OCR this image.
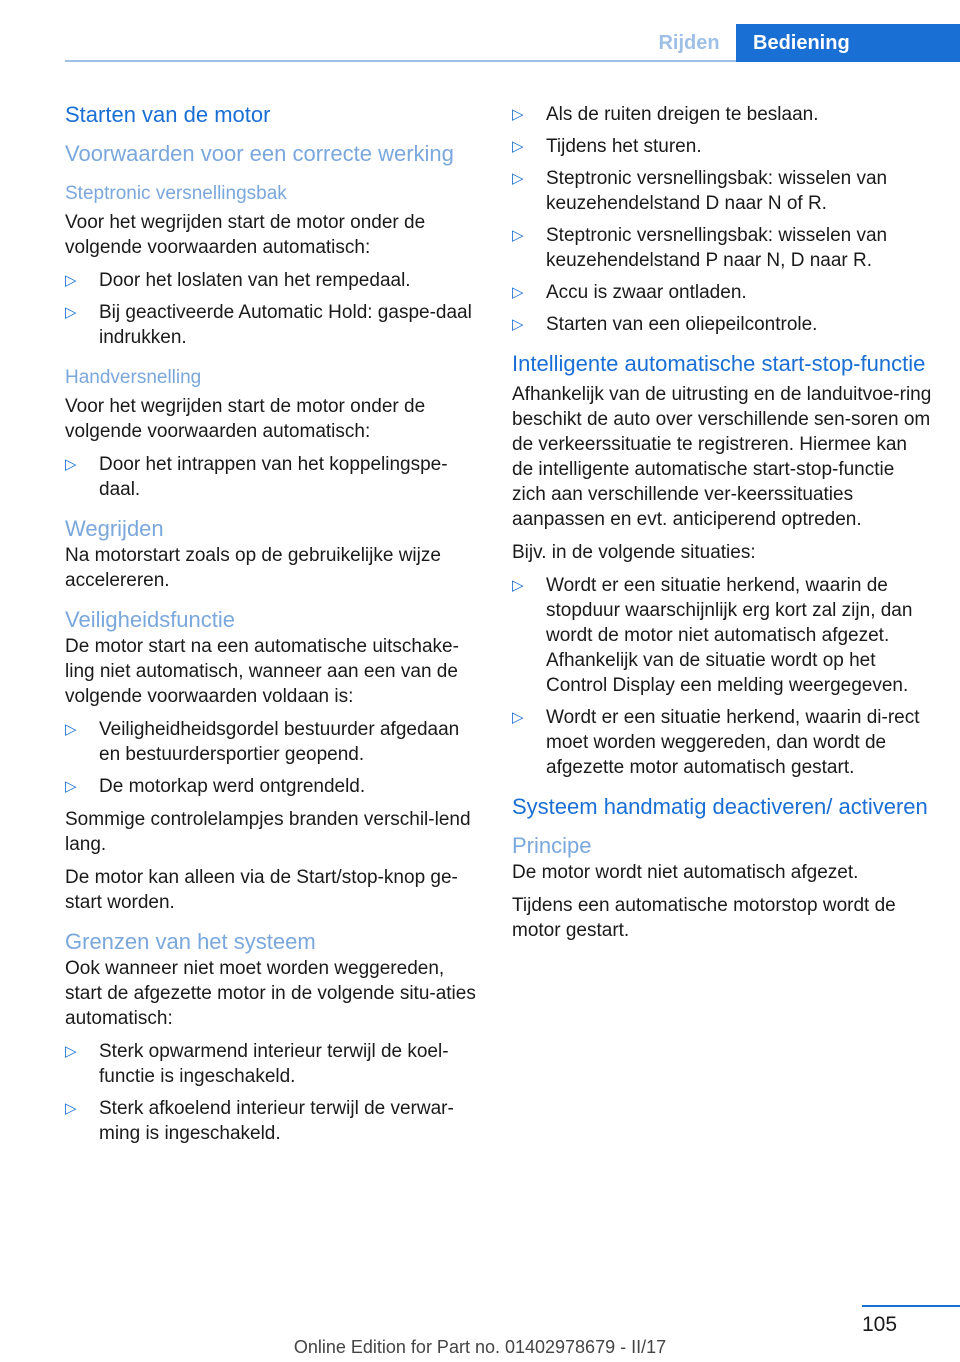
Rijden	Bediening
Starten van de motor
Voorwaarden voor een correcte werking
Steptronic versnellingsbak

Voor het wegrijden start de motor onder de volgende voorwaarden automatisch:

▷	Door het loslaten van het rempedaal.
▷	Bij geactiveerde Automatic Hold: gaspe-daal indrukken.
Handversnelling

Voor het wegrijden start de motor onder de volgende voorwaarden automatisch:

▷	Door het intrappen van het koppelingspe-daal.
Wegrijden

Na motorstart zoals op de gebruikelijke wijze accelereren.

Veiligheidsfunctie

De motor start na een automatische uitschake-ling niet automatisch, wanneer aan een van de volgende voorwaarden voldaan is:

▷	Veiligheidheidsgordel bestuurder afgedaan en bestuurdersportier geopend.
▷	De motorkap werd ontgrendeld.

Sommige controlelampjes branden verschil-lend lang.

De motor kan alleen via de Start/stop-knop ge-start worden.

Grenzen van het systeem

Ook wanneer niet moet worden weggereden, start de afgezette motor in de volgende situ-aties automatisch:

▷	Sterk opwarmend interieur terwijl de koel-functie is ingeschakeld.
▷	Sterk afkoelend interieur terwijl de verwar-ming is ingeschakeld.
▷	Als de ruiten dreigen te beslaan.
▷	Tijdens het sturen.
▷	Steptronic versnellingsbak: wisselen van keuzehendelstand D naar N of R.
▷	Steptronic versnellingsbak: wisselen van keuzehendelstand P naar N, D naar R.
▷	Accu is zwaar ontladen.
▷	Starten van een oliepeilcontrole.
Intelligente automatische start-stop-functie

Afhankelijk van de uitrusting en de landuitvoe-ring beschikt de auto over verschillende sen-soren om de verkeerssituatie te registreren. Hiermee kan de intelligente automatische start-stop-functie zich aan verschillende ver-keerssituaties aanpassen en evt. anticiperend optreden.

Bijv. in de volgende situaties:

▷	Wordt er een situatie herkend, waarin de stopduur waarschijnlijk erg kort zal zijn, dan wordt de motor niet automatisch afgezet. Afhankelijk van de situatie wordt op het Control Display een melding weergegeven.
▷	Wordt er een situatie herkend, waarin di-rect moet worden weggereden, dan wordt de afgezette motor automatisch gestart.
Systeem handmatig deactiveren/ activeren
Principe

De motor wordt niet automatisch afgezet.

Tijdens een automatische motorstop wordt de motor gestart.

105
Online Edition for Part no. 01402978679 - II/17
